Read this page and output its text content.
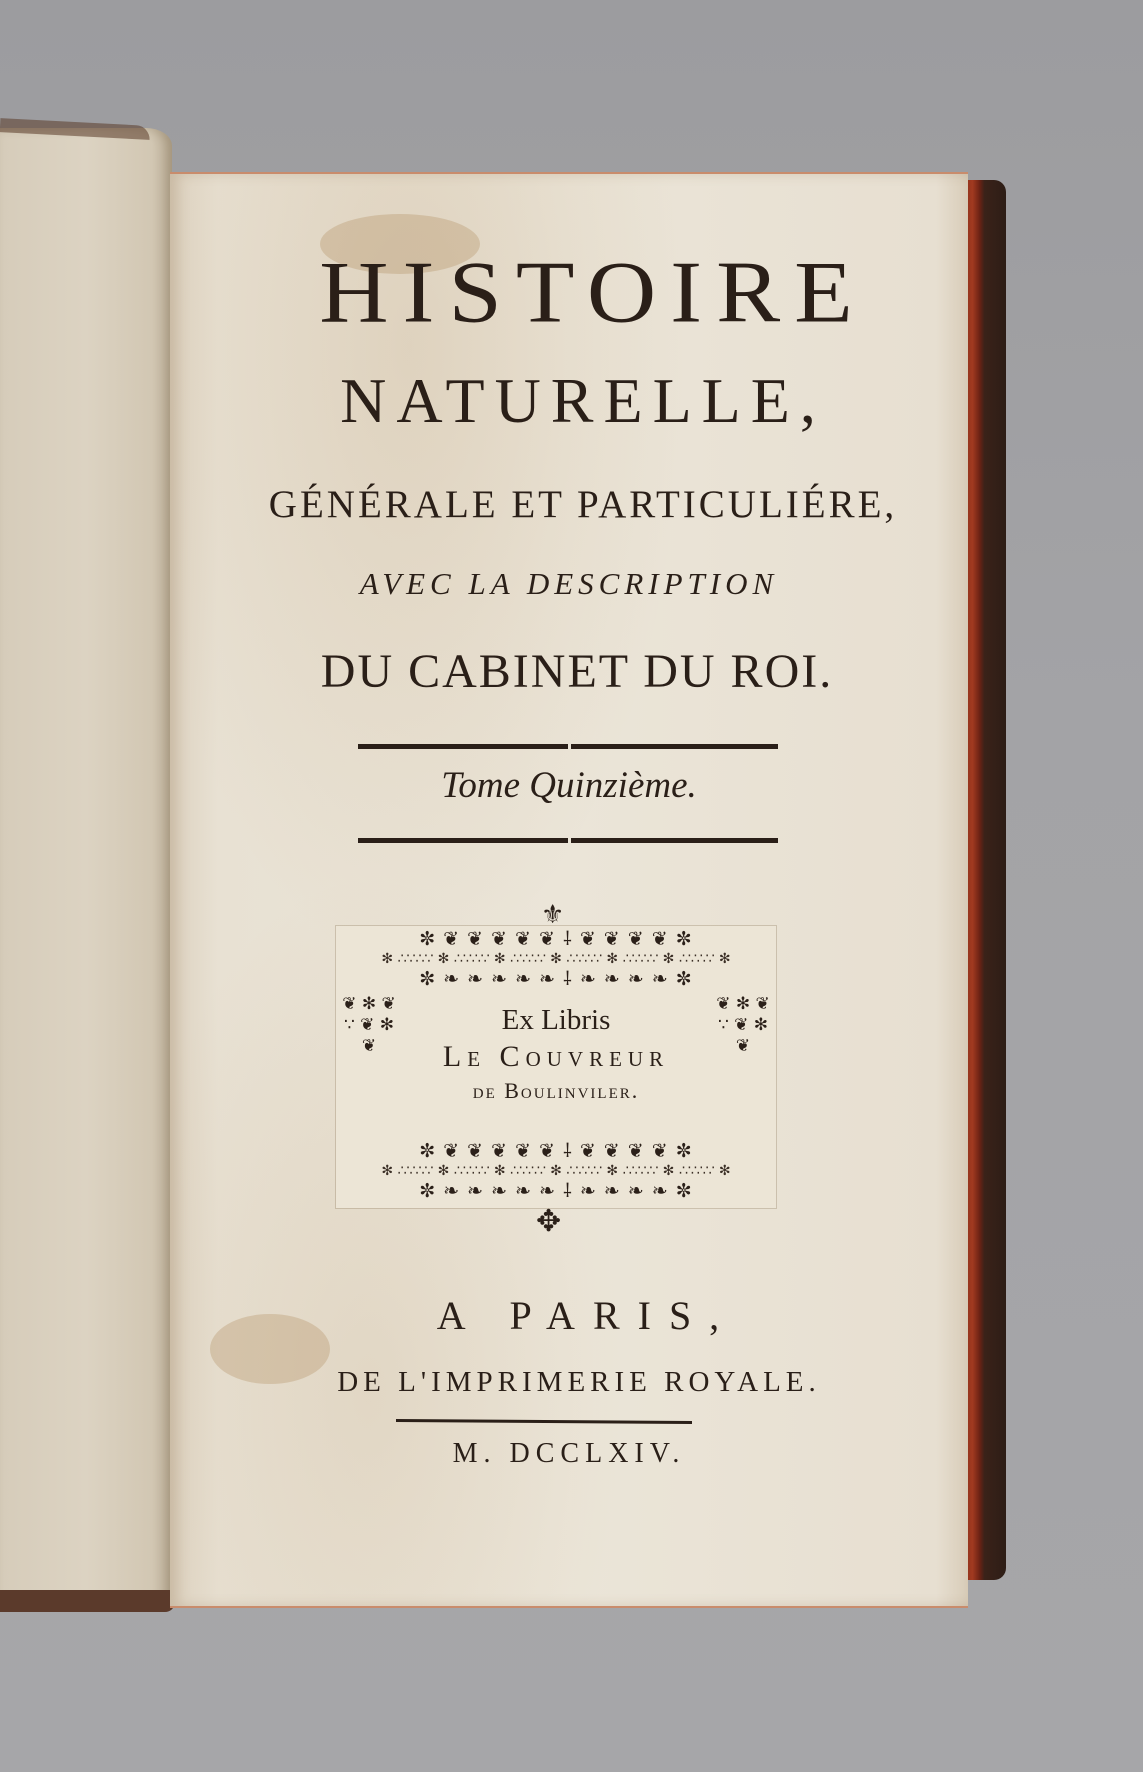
HISTOIRE
NATURELLE,
GÉNÉRALE ET PARTICULIÉRE,
AVEC LA DESCRIPTION
DU CABINET DU ROI.
Tome Quinzième.
⚜
✼ ❦ ❦ ❦ ❦ ❦ ⸸ ❦ ❦ ❦ ❦ ✼
✻ ∴∵∴∵ ✻ ∴∵∴∵ ✻ ∴∵∴∵ ✻ ∴∵∴∵ ✻ ∴∵∴∵ ✻ ∴∵∴∵ ✻
✼ ❧ ❧ ❧ ❧ ❧ ⸸ ❧ ❧ ❧ ❧ ✼
❦ ✻ ❦ ∵ ❦ ✻ ❦
❦ ✻ ❦ ∵ ❦ ✻ ❦
Ex Libris
Le Couvreur
de Boulinviler.
✼ ❦ ❦ ❦ ❦ ❦ ⸸ ❦ ❦ ❦ ❦ ✼
✻ ∴∵∴∵ ✻ ∴∵∴∵ ✻ ∴∵∴∵ ✻ ∴∵∴∵ ✻ ∴∵∴∵ ✻ ∴∵∴∵ ✻
✼ ❧ ❧ ❧ ❧ ❧ ⸸ ❧ ❧ ❧ ❧ ✼
✥
A PARIS,
DE L'IMPRIMERIE ROYALE.
M. DCCLXIV.
